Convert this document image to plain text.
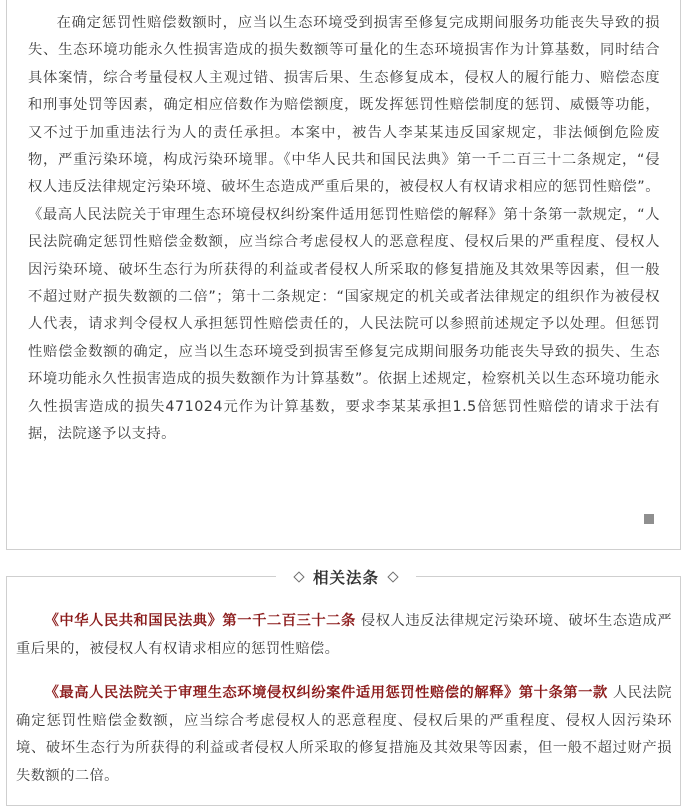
在确定惩罚性赔偿数额时，应当以生态环境受到损害至修复完成期间服务功能丧失导致的损失、生态环境功能永久性损害造成的损失数额等可量化的生态环境损害作为计算基数，同时结合具体案情，综合考量侵权人主观过错、损害后果、生态修复成本，侵权人的履行能力、赔偿态度和刑事处罚等因素，确定相应倍数作为赔偿额度，既发挥惩罚性赔偿制度的惩罚、威慑等功能，又不过于加重违法行为人的责任承担。本案中，被告人李某某违反国家规定，非法倾倒危险废物，严重污染环境，构成污染环境罪。《中华人民共和国民法典》第一千二百三十二条规定，“侵权人违反法律规定污染环境、破坏生态造成严重后果的，被侵权人有权请求相应的惩罚性赔偿”。《最高人民法院关于审理生态环境侵权纠纷案件适用惩罚性赔偿的解释》第十条第一款规定，“人民法院确定惩罚性赔偿金数额，应当综合考虑侵权人的恶意程度、侵权后果的严重程度、侵权人因污染环境、破坏生态行为所获得的利益或者侵权人所采取的修复措施及其效果等因素，但一般不超过财产损失数额的二倍”；第十二条规定：“国家规定的机关或者法律规定的组织作为被侵权人代表，请求判令侵权人承担惩罚性赔偿责任的，人民法院可以参照前述规定予以处理。但惩罚性赔偿金数额的确定，应当以生态环境受到损害至修复完成期间服务功能丧失导致的损失、生态环境功能永久性损害造成的损失数额作为计算基数”。依据上述规定，检察机关以生态环境功能永久性损害造成的损失471024元作为计算基数，要求李某某承担1.5倍惩罚性赔偿的请求于法有据，法院遂予以支持。

相关法条

《中华人民共和国民法典》第一千二百三十二条 侵权人违反法律规定污染环境、破坏生态造成严重后果的，被侵权人有权请求相应的惩罚性赔偿。

《最高人民法院关于审理生态环境侵权纠纷案件适用惩罚性赔偿的解释》第十条第一款 人民法院确定惩罚性赔偿金数额，应当综合考虑侵权人的恶意程度、侵权后果的严重程度、侵权人因污染环境、破坏生态行为所获得的利益或者侵权人所采取的修复措施及其效果等因素，但一般不超过财产损失数额的二倍。
